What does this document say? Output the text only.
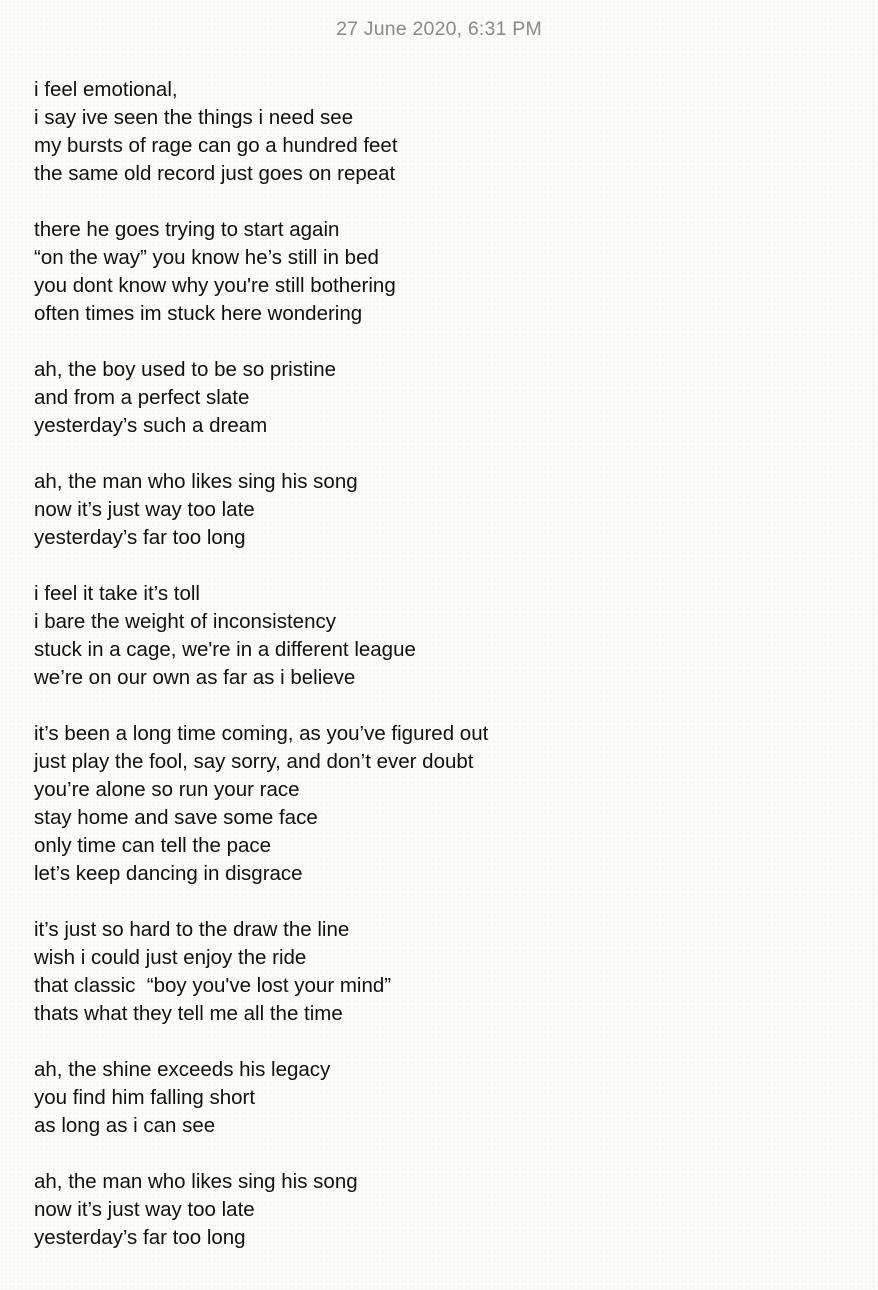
27 June 2020, 6:31 PM
i feel emotional,
i say ive seen the things i need see
my bursts of rage can go a hundred feet
the same old record just goes on repeat
there he goes trying to start again
“on the way” you know he’s still in bed
you dont know why you're still bothering
often times im stuck here wondering
ah, the boy used to be so pristine
and from a perfect slate
yesterday’s such a dream
ah, the man who likes sing his song
now it’s just way too late
yesterday’s far too long
i feel it take it’s toll
i bare the weight of inconsistency
stuck in a cage, we're in a different league
we’re on our own as far as i believe
it’s been a long time coming, as you’ve figured out
just play the fool, say sorry, and don’t ever doubt
you’re alone so run your race
stay home and save some face
only time can tell the pace
let’s keep dancing in disgrace
it’s just so hard to the draw the line
wish i could just enjoy the ride
that classic  “boy you've lost your mind”
thats what they tell me all the time
ah, the shine exceeds his legacy
you find him falling short
as long as i can see
ah, the man who likes sing his song
now it’s just way too late
yesterday’s far too long
